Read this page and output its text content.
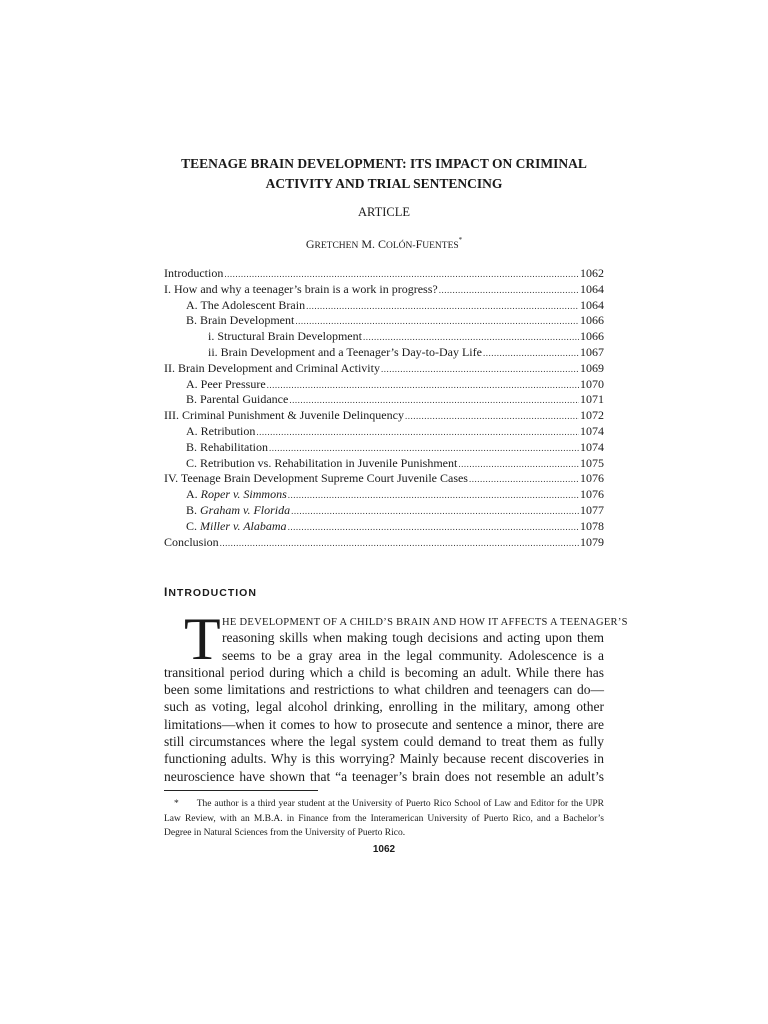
TEENAGE BRAIN DEVELOPMENT: ITS IMPACT ON CRIMINAL
ACTIVITY AND TRIAL SENTENCING
ARTICLE
GRETCHEN M. COLÓN-FUENTES*
Introduction .....	1062
I. How and why a teenager’s brain is a work in progress? .....	1064
A. The Adolescent Brain .....	1064
B. Brain Development .....	1066
i. Structural Brain Development .....	1066
ii. Brain Development and a Teenager’s Day-to-Day Life .....	1067
II. Brain Development and Criminal Activity .....	1069
A. Peer Pressure .....	1070
B. Parental Guidance .....	1071
III. Criminal Punishment & Juvenile Delinquency .....	1072
A. Retribution .....	1074
B. Rehabilitation .....	1074
C. Retribution vs. Rehabilitation in Juvenile Punishment .....	1075
IV. Teenage Brain Development Supreme Court Juvenile Cases .....	1076
A. Roper v. Simmons .....	1076
B. Graham v. Florida .....	1077
C. Miller v. Alabama .....	1078
Conclusion .....	1079
INTRODUCTION
T HE DEVELOPMENT OF A CHILD’S BRAIN AND HOW IT AFFECTS A TEENAGER’S
reasoning skills when making tough decisions and acting upon them
seems to be a gray area in the legal community. Adolescence is a
transitional period during which a child is becoming an adult. While there has
been some limitations and restrictions to what children and teenagers can do—
such as voting, legal alcohol drinking, enrolling in the military, among other
limitations—when it comes to how to prosecute and sentence a minor, there are
still circumstances where the legal system could demand to treat them as fully
functioning adults. Why is this worrying? Mainly because recent discoveries in
neuroscience have shown that “a teenager’s brain does not resemble an adult’s
* The author is a third year student at the University of Puerto Rico School of Law and Editor for the UPR Law Review, with an M.B.A. in Finance from the Interamerican University of Puerto Rico, and a Bachelor’s Degree in Natural Sciences from the University of Puerto Rico.
1062
